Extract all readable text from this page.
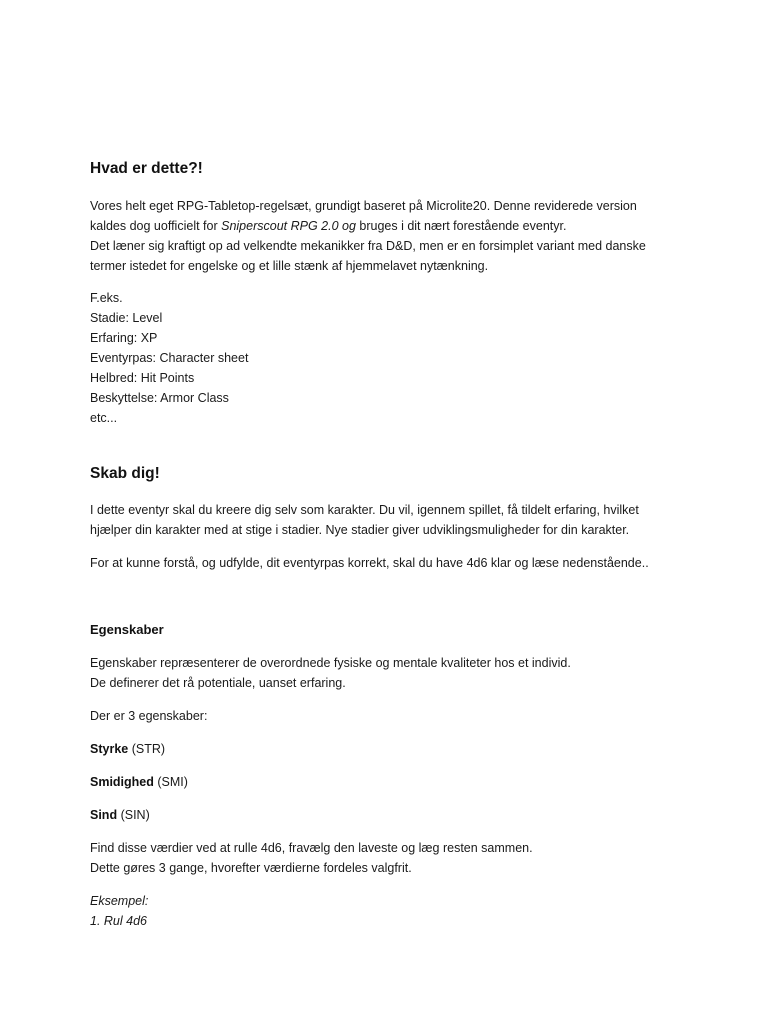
Hvad er dette?!
Vores helt eget RPG-Tabletop-regelsæt, grundigt baseret på Microlite20. Denne reviderede version
kaldes dog uofficielt for Sniperscout RPG 2.0 og bruges i dit nært forestående eventyr.
Det læner sig kraftigt op ad velkendte mekanikker fra D&D, men er en forsimplet variant med danske
termer istedet for engelske og et lille stænk af hjemmelavet nytænkning.
F.eks.
Stadie: Level
Erfaring: XP
Eventyrpas: Character sheet
Helbred: Hit Points
Beskyttelse: Armor Class
etc...
Skab dig!
I dette eventyr skal du kreere dig selv som karakter. Du vil, igennem spillet, få tildelt erfaring, hvilket
hjælper din karakter med at stige i stadier. Nye stadier giver udviklingsmuligheder for din karakter.
For at kunne forstå, og udfylde, dit eventyrpas korrekt, skal du have 4d6 klar og læse nedenstående..
Egenskaber
Egenskaber repræsenterer de overordnede fysiske og mentale kvaliteter hos et individ.
De definerer det rå potentiale, uanset erfaring.
Der er 3 egenskaber:
Styrke (STR)
Smidighed (SMI)
Sind (SIN)
Find disse værdier ved at rulle 4d6, fravælg den laveste og læg resten sammen.
Dette gøres 3 gange, hvorefter værdierne fordeles valgfrit.
Eksempel:
1. Rul 4d6
